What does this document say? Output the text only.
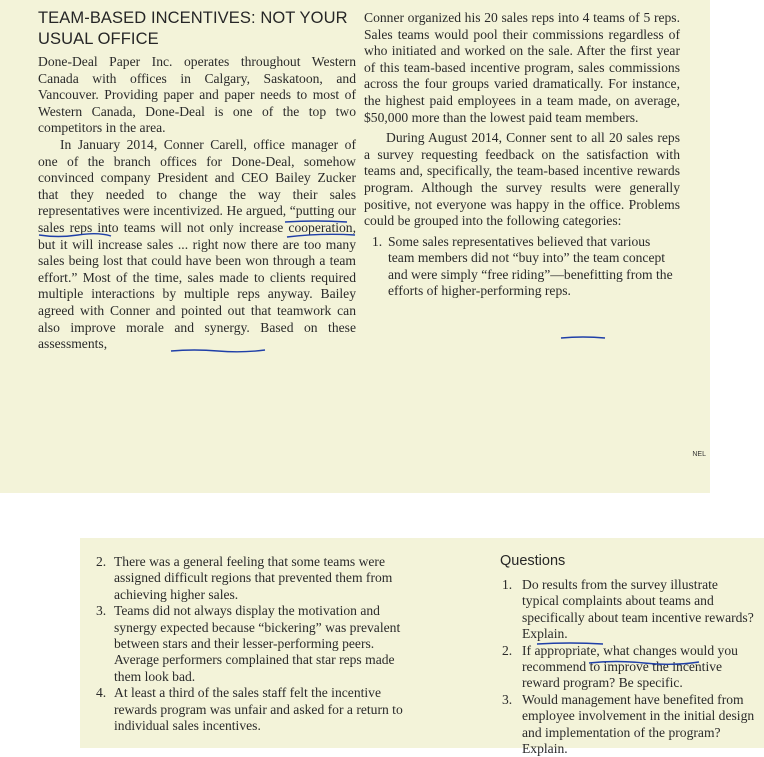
TEAM-BASED INCENTIVES: NOT YOUR USUAL OFFICE

Done-Deal Paper Inc. operates throughout Western Canada with offices in Calgary, Saskatoon, and Vancouver. Providing paper and paper needs to most of Western Canada, Done-Deal is one of the top two competitors in the area.

In January 2014, Conner Carell, office manager of one of the branch offices for Done-Deal, somehow convinced company President and CEO Bailey Zucker that they needed to change the way their sales representatives were incentivized. He argued, “putting our sales reps into teams will not only increase cooperation, but it will increase sales ... right now there are too many sales being lost that could have been won through a team effort.” Most of the time, sales made to clients required multiple interactions by multiple reps anyway. Bailey agreed with Conner and pointed out that teamwork can also improve morale and synergy. Based on these assessments,

Conner organized his 20 sales reps into 4 teams of 5 reps. Sales teams would pool their commissions regardless of who initiated and worked on the sale. After the first year of this team-based incentive program, sales commissions across the four groups varied dramatically. For instance, the highest paid employees in a team made, on average, $50,000 more than the lowest paid team members.

During August 2014, Conner sent to all 20 sales reps a survey requesting feedback on the satisfaction with teams and, specifically, the team-based incentive rewards program. Although the survey results were generally positive, not everyone was happy in the office. Problems could be grouped into the following categories:

1. Some sales representatives believed that various team members did not “buy into” the team concept and were simply “free riding”—benefitting from the efforts of higher-performing reps.
NEL
2. There was a general feeling that some teams were assigned difficult regions that prevented them from achieving higher sales.
3. Teams did not always display the motivation and synergy expected because “bickering” was prevalent between stars and their lesser-performing peers. Average performers complained that star reps made them look bad.
4. At least a third of the sales staff felt the incentive rewards program was unfair and asked for a return to individual sales incentives.
Questions
1. Do results from the survey illustrate typical complaints about teams and specifically about team incentive rewards? Explain.
2. If appropriate, what changes would you recommend to improve the incentive reward program? Be specific.
3. Would management have benefited from employee involvement in the initial design and implementation of the program? Explain.
